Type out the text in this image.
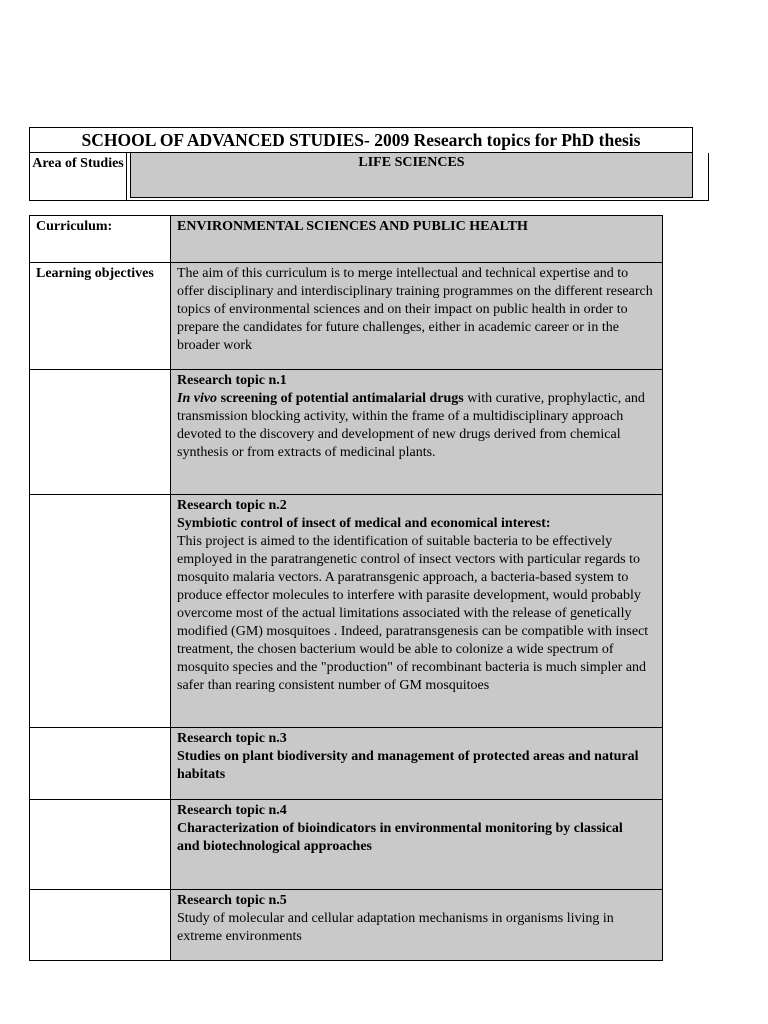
SCHOOL OF ADVANCED STUDIES- 2009 Research topics for PhD thesis
Area of Studies	LIFE SCIENCES
Curriculum:	ENVIRONMENTAL SCIENCES AND PUBLIC HEALTH
Learning objectives	The aim of this curriculum is to merge intellectual and technical expertise and to offer disciplinary and interdisciplinary training programmes on the different research topics of environmental sciences and on their impact on public health in order to prepare the candidates for future challenges, either in academic career or in the broader work

	Research topic n.1
In vivo screening of potential antimalarial drugs with curative, prophylactic, and transmission blocking activity, within the frame of a multidisciplinary approach devoted to the discovery and development of new drugs derived from chemical synthesis or from extracts of medicinal plants.

	Research topic n.2
Symbiotic control of insect of medical and economical interest:
This project is aimed to the identification of suitable bacteria to be effectively employed in the paratrangenetic control of insect vectors with particular regards to mosquito malaria vectors. A paratransgenic approach, a bacteria-based system to produce effector molecules to interfere with parasite development, would probably overcome most of the actual limitations associated with the release of genetically modified (GM) mosquitoes . Indeed, paratransgenesis can be compatible with insect treatment, the chosen bacterium would be able to colonize a wide spectrum of mosquito species and the "production" of recombinant bacteria is much simpler and safer than rearing consistent number of GM mosquitoes

	Research topic n.3
Studies on plant biodiversity and management of protected areas and natural habitats

	Research topic n.4
Characterization of bioindicators in environmental monitoring by classical
and biotechnological approaches

	Research topic n.5
Study of molecular and cellular adaptation mechanisms in organisms living in extreme environments
